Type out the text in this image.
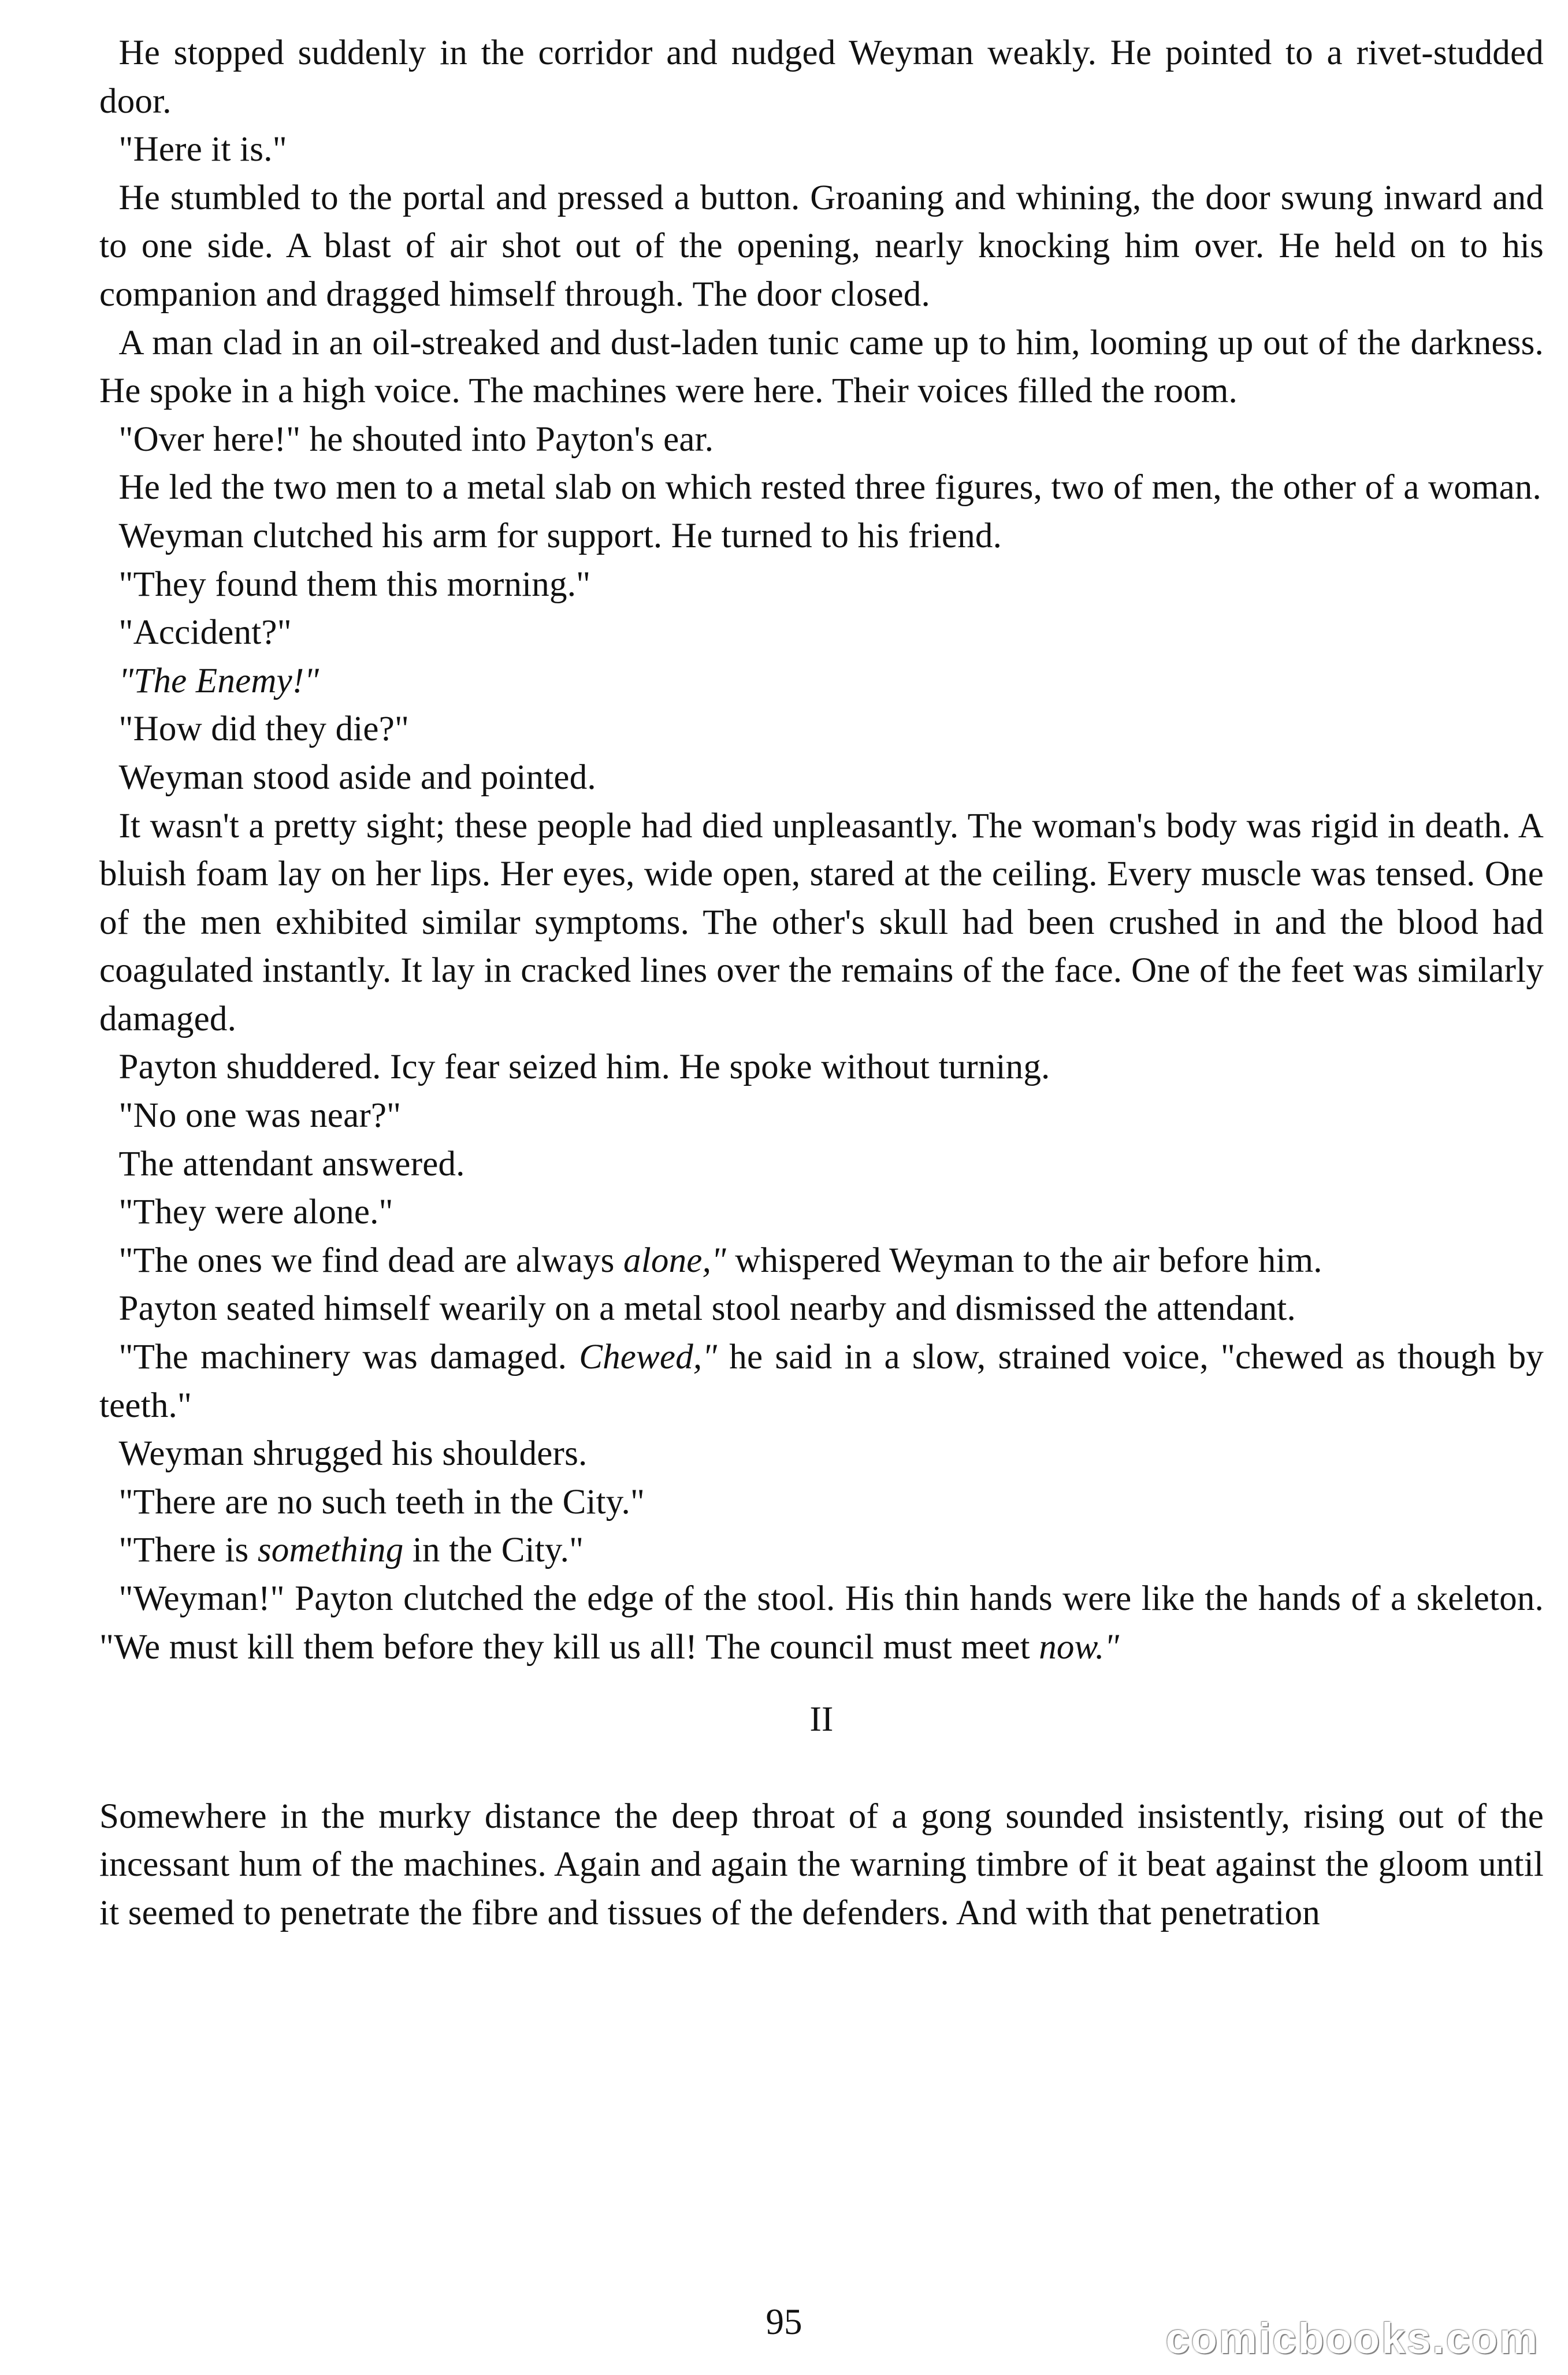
He stopped suddenly in the corridor and nudged Weyman weakly. He pointed to a rivet-studded door.

"Here it is."

He stumbled to the portal and pressed a button. Groaning and whining, the door swung inward and to one side. A blast of air shot out of the opening, nearly knocking him over. He held on to his companion and dragged himself through. The door closed.

A man clad in an oil-streaked and dust-laden tunic came up to him, looming up out of the darkness. He spoke in a high voice. The machines were here. Their voices filled the room.

"Over here!" he shouted into Payton's ear.

He led the two men to a metal slab on which rested three figures, two of men, the other of a woman.

Weyman clutched his arm for support. He turned to his friend.

"They found them this morning."

"Accident?"

"The Enemy!"

"How did they die?"

Weyman stood aside and pointed.

It wasn't a pretty sight; these people had died unpleasantly. The woman's body was rigid in death. A bluish foam lay on her lips. Her eyes, wide open, stared at the ceiling. Every muscle was tensed. One of the men exhibited similar symptoms. The other's skull had been crushed in and the blood had coagulated instantly. It lay in cracked lines over the remains of the face. One of the feet was similarly damaged.

Payton shuddered. Icy fear seized him. He spoke without turning.

"No one was near?"

The attendant answered.

"They were alone."

"The ones we find dead are always alone," whispered Weyman to the air before him.

Payton seated himself wearily on a metal stool nearby and dismissed the attendant.

"The machinery was damaged. Chewed," he said in a slow, strained voice, "chewed as though by teeth."

Weyman shrugged his shoulders.

"There are no such teeth in the City."

"There is something in the City."

"Weyman!" Payton clutched the edge of the stool. His thin hands were like the hands of a skeleton. "We must kill them before they kill us all! The council must meet now."

II

Somewhere in the murky distance the deep throat of a gong sounded insistently, rising out of the incessant hum of the machines. Again and again the warning timbre of it beat against the gloom until it seemed to penetrate the fibre and tissues of the defenders. And with that penetration

95	comicbooks.com
